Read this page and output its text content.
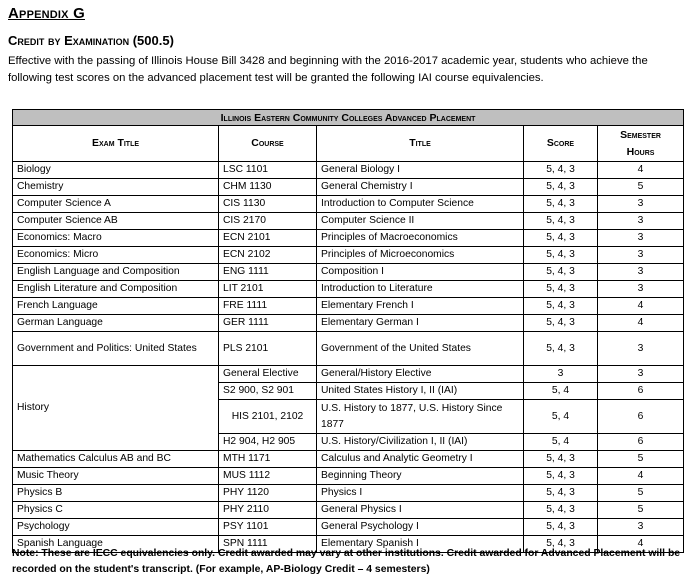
Appendix G
Credit by Examination (500.5)
Effective with the passing of Illinois House Bill 3428 and beginning with the 2016-2017 academic year, students who achieve the following test scores on the advanced placement test will be granted the following IAI course equivalencies.
Illinois Eastern Community Colleges Advanced Placement				
Exam Title	Course	Title	Score	Semester
Hours
Biology	LSC 1101	General Biology I	5, 4, 3	4
Chemistry	CHM 1130	General Chemistry I	5, 4, 3	5
Computer Science A	CIS 1130	Introduction to Computer Science	5, 4, 3	3
Computer Science AB	CIS 2170	Computer Science II	5, 4, 3	3
Economics: Macro	ECN 2101	Principles of Macroeconomics	5, 4, 3	3
Economics: Micro	ECN 2102	Principles of Microeconomics	5, 4, 3	3
English Language and Composition	ENG 1111	Composition I	5, 4, 3	3
English Literature and Composition	LIT 2101	Introduction to Literature	5, 4, 3	3
French Language	FRE 1111	Elementary French I	5, 4, 3	4
German Language	GER 1111	Elementary German I	5, 4, 3	4
Government and Politics: United States	PLS 2101	Government of the United States	5, 4, 3	3
History	General Elective	General/History Elective	3	3
	S2 900, S2 901	United States History I, II (IAI)	5, 4	6
	HIS 2101, 2102	U.S. History to 1877, U.S. History Since 1877	5, 4	6
	H2 904, H2 905	U.S. History/Civilization I, II (IAI)	5, 4	6
Mathematics Calculus AB and BC	MTH 1171	Calculus and Analytic Geometry I	5, 4, 3	5
Music Theory	MUS 1112	Beginning Theory	5, 4, 3	4
Physics B	PHY 1120	Physics I	5, 4, 3	5
Physics C	PHY 2110	General Physics I	5, 4, 3	5
Psychology	PSY 1101	General Psychology I	5, 4, 3	3
Spanish Language	SPN 1111	Elementary Spanish I	5, 4, 3	4
Note: These are IECC equivalencies only. Credit awarded may vary at other institutions. Credit awarded for Advanced Placement will be recorded on the student's transcript. (For example, AP-Biology Credit – 4 semesters)
